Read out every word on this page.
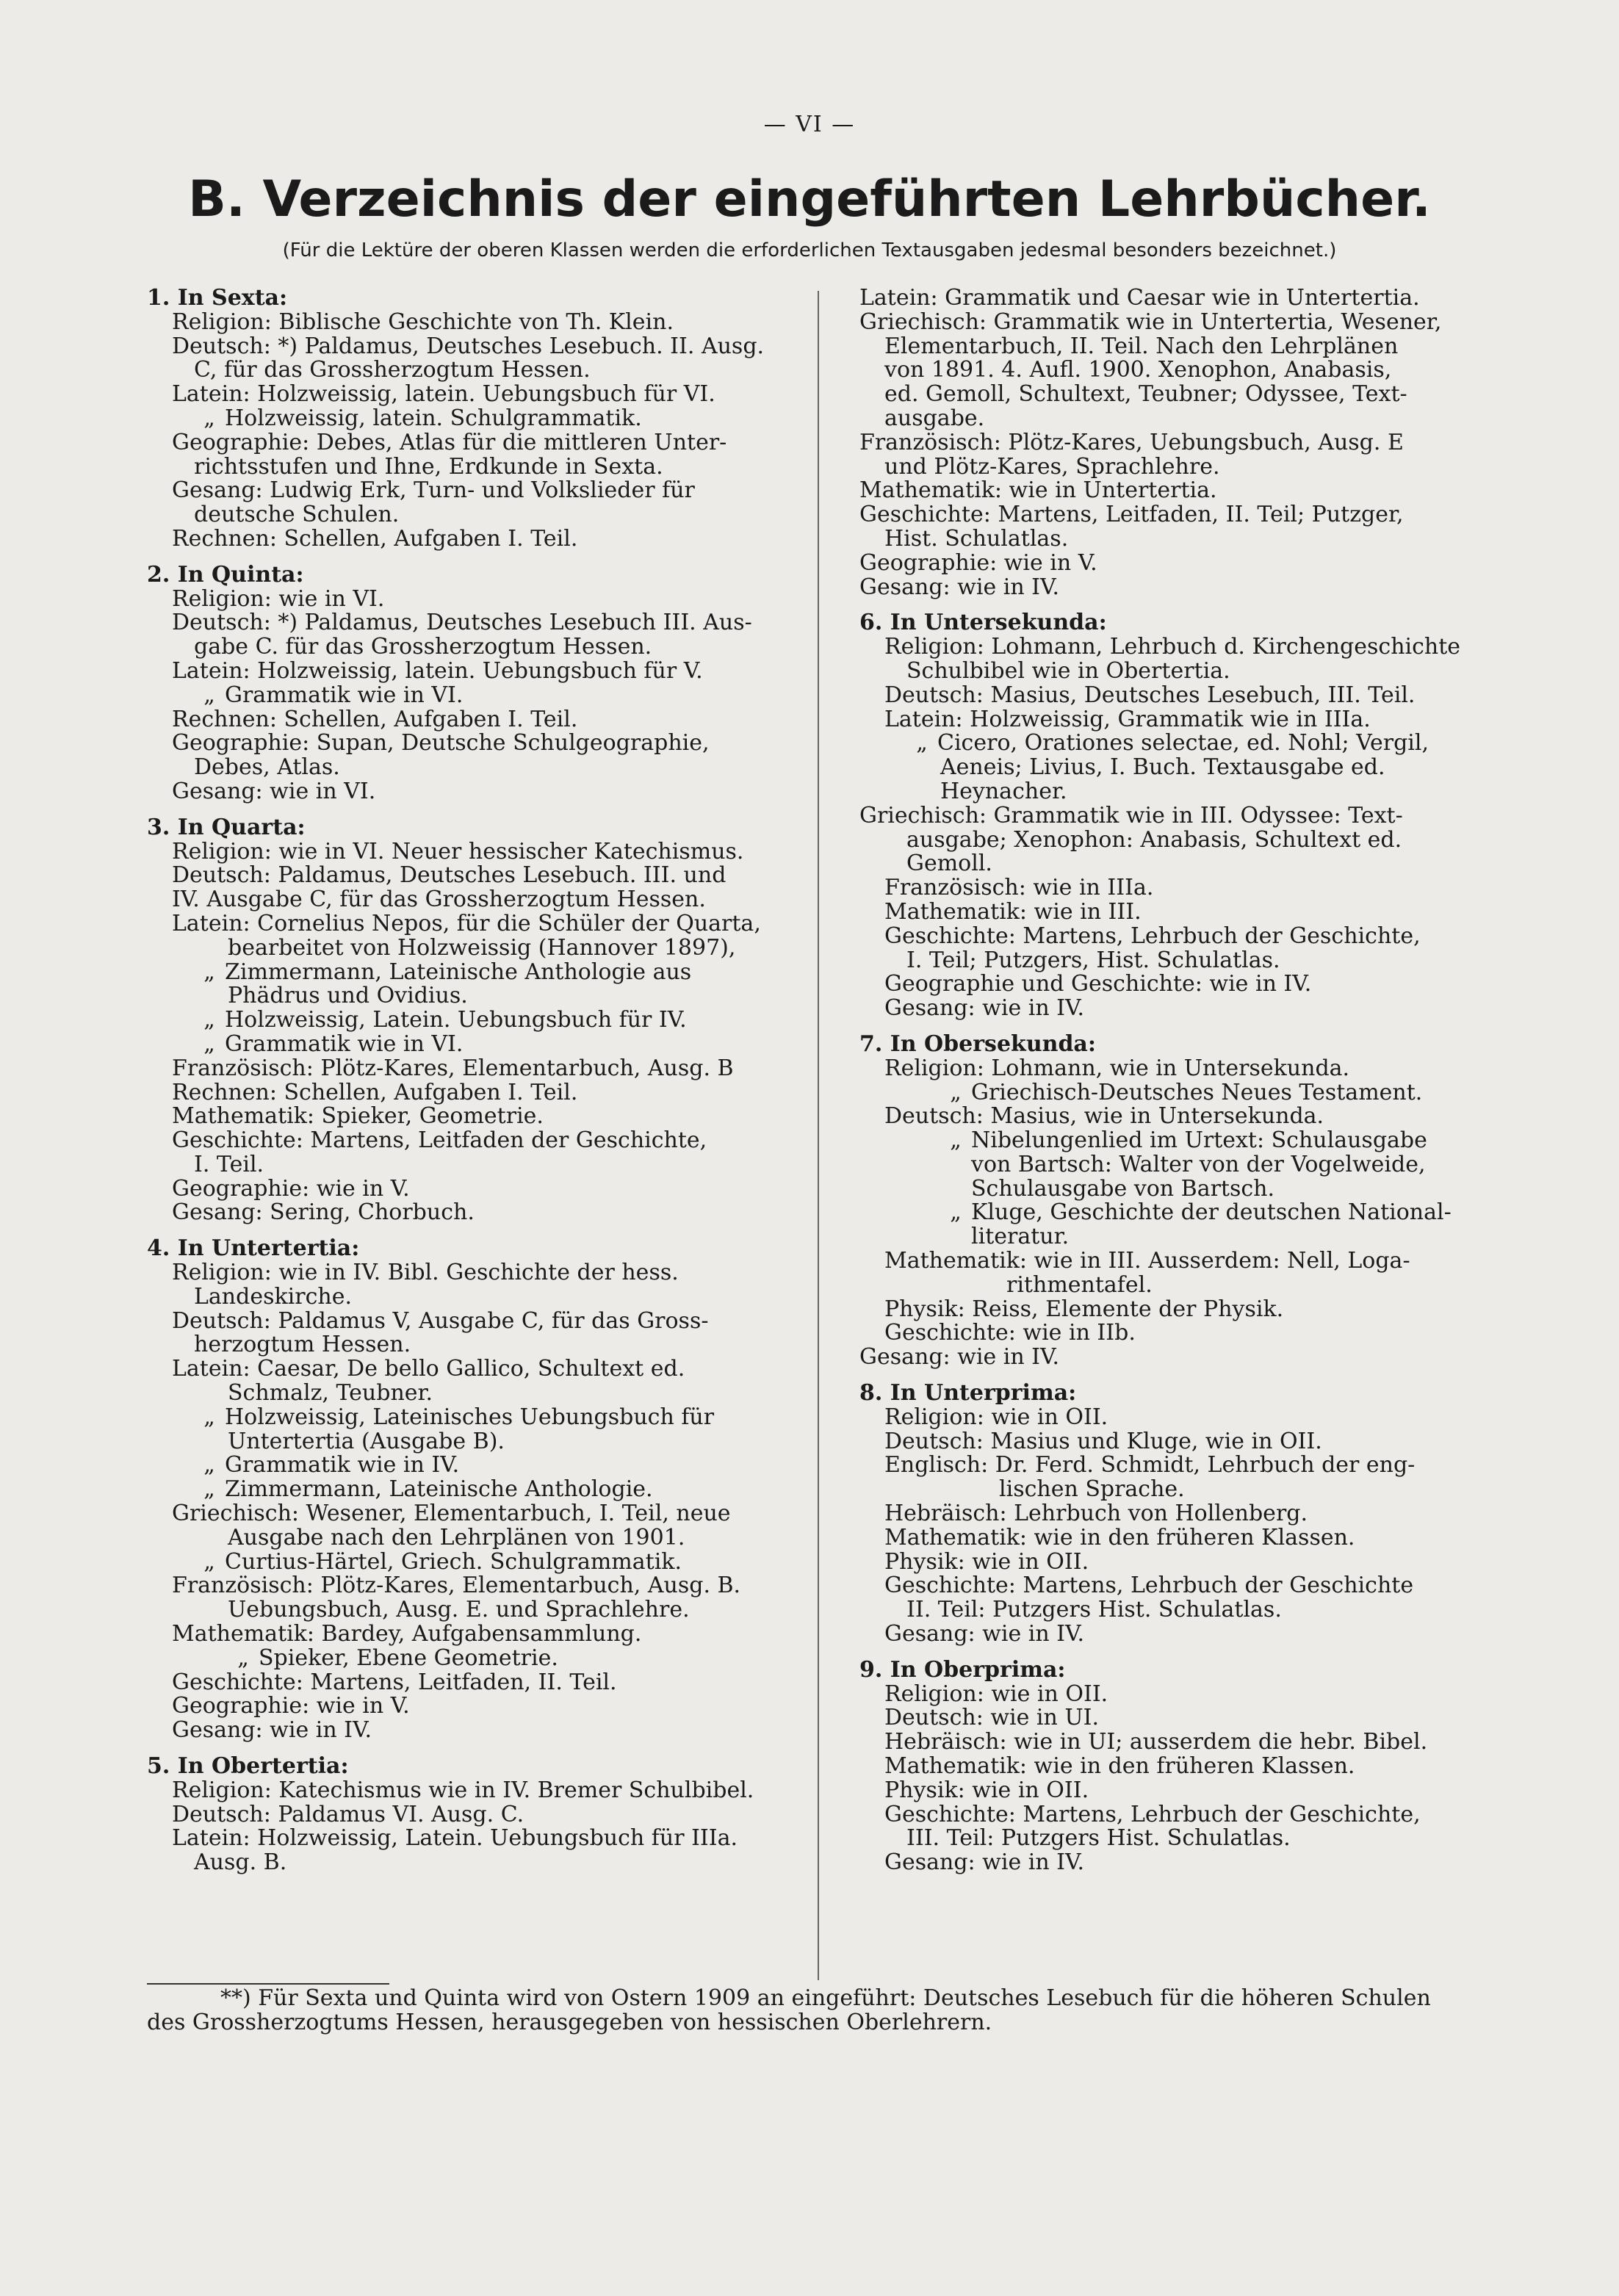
— VI —
B. Verzeichnis der eingeführten Lehrbücher.
(Für die Lektüre der oberen Klassen werden die erforderlichen Textausgaben jedesmal besonders bezeichnet.)
1. In Sexta:
Religion: Biblische Geschichte von Th. Klein.
Deutsch: *) Paldamus, Deutsches Lesebuch. II. Ausg.
C, für das Grossherzogtum Hessen.
Latein: Holzweissig, latein. Uebungsbuch für VI.
„ Holzweissig, latein. Schulgrammatik.
Geographie: Debes, Atlas für die mittleren Unter-
richtsstufen und Ihne, Erdkunde in Sexta.
Gesang: Ludwig Erk, Turn- und Volkslieder für
deutsche Schulen.
Rechnen: Schellen, Aufgaben I. Teil.
2. In Quinta:
Religion: wie in VI.
Deutsch: *) Paldamus, Deutsches Lesebuch III. Aus-
gabe C. für das Grossherzogtum Hessen.
Latein: Holzweissig, latein. Uebungsbuch für V.
„ Grammatik wie in VI.
Rechnen: Schellen, Aufgaben I. Teil.
Geographie: Supan, Deutsche Schulgeographie,
Debes, Atlas.
Gesang: wie in VI.
3. In Quarta:
Religion: wie in VI. Neuer hessischer Katechismus.
Deutsch: Paldamus, Deutsches Lesebuch. III. und
IV. Ausgabe C, für das Grossherzogtum Hessen.
Latein: Cornelius Nepos, für die Schüler der Quarta,
bearbeitet von Holzweissig (Hannover 1897),
„ Zimmermann, Lateinische Anthologie aus
Phädrus und Ovidius.
„ Holzweissig, Latein. Uebungsbuch für IV.
„ Grammatik wie in VI.
Französisch: Plötz-Kares, Elementarbuch, Ausg. B
Rechnen: Schellen, Aufgaben I. Teil.
Mathematik: Spieker, Geometrie.
Geschichte: Martens, Leitfaden der Geschichte,
I. Teil.
Geographie: wie in V.
Gesang: Sering, Chorbuch.
4. In Untertertia:
Religion: wie in IV. Bibl. Geschichte der hess.
Landeskirche.
Deutsch: Paldamus V, Ausgabe C, für das Gross-
herzogtum Hessen.
Latein: Caesar, De bello Gallico, Schultext ed.
Schmalz, Teubner.
„ Holzweissig, Lateinisches Uebungsbuch für
Untertertia (Ausgabe B).
„ Grammatik wie in IV.
„ Zimmermann, Lateinische Anthologie.
Griechisch: Wesener, Elementarbuch, I. Teil, neue
Ausgabe nach den Lehrplänen von 1901.
„ Curtius-Härtel, Griech. Schulgrammatik.
Französisch: Plötz-Kares, Elementarbuch, Ausg. B.
Uebungsbuch, Ausg. E. und Sprachlehre.
Mathematik: Bardey, Aufgabensammlung.
„ Spieker, Ebene Geometrie.
Geschichte: Martens, Leitfaden, II. Teil.
Geographie: wie in V.
Gesang: wie in IV.
5. In Obertertia:
Religion: Katechismus wie in IV. Bremer Schulbibel.
Deutsch: Paldamus VI. Ausg. C.
Latein: Holzweissig, Latein. Uebungsbuch für IIIa.
Ausg. B.
Latein: Grammatik und Caesar wie in Untertertia.
Griechisch: Grammatik wie in Untertertia, Wesener,
Elementarbuch, II. Teil. Nach den Lehrplänen
von 1891. 4. Aufl. 1900. Xenophon, Anabasis,
ed. Gemoll, Schultext, Teubner; Odyssee, Text-
ausgabe.
Französisch: Plötz-Kares, Uebungsbuch, Ausg. E
und Plötz-Kares, Sprachlehre.
Mathematik: wie in Untertertia.
Geschichte: Martens, Leitfaden, II. Teil; Putzger,
Hist. Schulatlas.
Geographie: wie in V.
Gesang: wie in IV.
6. In Untersekunda:
Religion: Lohmann, Lehrbuch d. Kirchengeschichte
Schulbibel wie in Obertertia.
Deutsch: Masius, Deutsches Lesebuch, III. Teil.
Latein: Holzweissig, Grammatik wie in IIIa.
„ Cicero, Orationes selectae, ed. Nohl; Vergil,
Aeneis; Livius, I. Buch. Textausgabe ed.
Heynacher.
Griechisch: Grammatik wie in III. Odyssee: Text-
ausgabe; Xenophon: Anabasis, Schultext ed.
Gemoll.
Französisch: wie in IIIa.
Mathematik: wie in III.
Geschichte: Martens, Lehrbuch der Geschichte,
I. Teil; Putzgers, Hist. Schulatlas.
Geographie und Geschichte: wie in IV.
Gesang: wie in IV.
7. In Obersekunda:
Religion: Lohmann, wie in Untersekunda.
„ Griechisch-Deutsches Neues Testament.
Deutsch: Masius, wie in Untersekunda.
„ Nibelungenlied im Urtext: Schulausgabe
von Bartsch: Walter von der Vogelweide,
Schulausgabe von Bartsch.
„ Kluge, Geschichte der deutschen National-
literatur.
Mathematik: wie in III. Ausserdem: Nell, Loga-
rithmentafel.
Physik: Reiss, Elemente der Physik.
Geschichte: wie in IIb.
Gesang: wie in IV.
8. In Unterprima:
Religion: wie in OII.
Deutsch: Masius und Kluge, wie in OII.
Englisch: Dr. Ferd. Schmidt, Lehrbuch der eng-
lischen Sprache.
Hebräisch: Lehrbuch von Hollenberg.
Mathematik: wie in den früheren Klassen.
Physik: wie in OII.
Geschichte: Martens, Lehrbuch der Geschichte
II. Teil: Putzgers Hist. Schulatlas.
Gesang: wie in IV.
9. In Oberprima:
Religion: wie in OII.
Deutsch: wie in UI.
Hebräisch: wie in UI; ausserdem die hebr. Bibel.
Mathematik: wie in den früheren Klassen.
Physik: wie in OII.
Geschichte: Martens, Lehrbuch der Geschichte,
III. Teil: Putzgers Hist. Schulatlas.
Gesang: wie in IV.
**) Für Sexta und Quinta wird von Ostern 1909 an eingeführt: Deutsches Lesebuch für die höheren Schulen
des Grossherzogtums Hessen, herausgegeben von hessischen Oberlehrern.
